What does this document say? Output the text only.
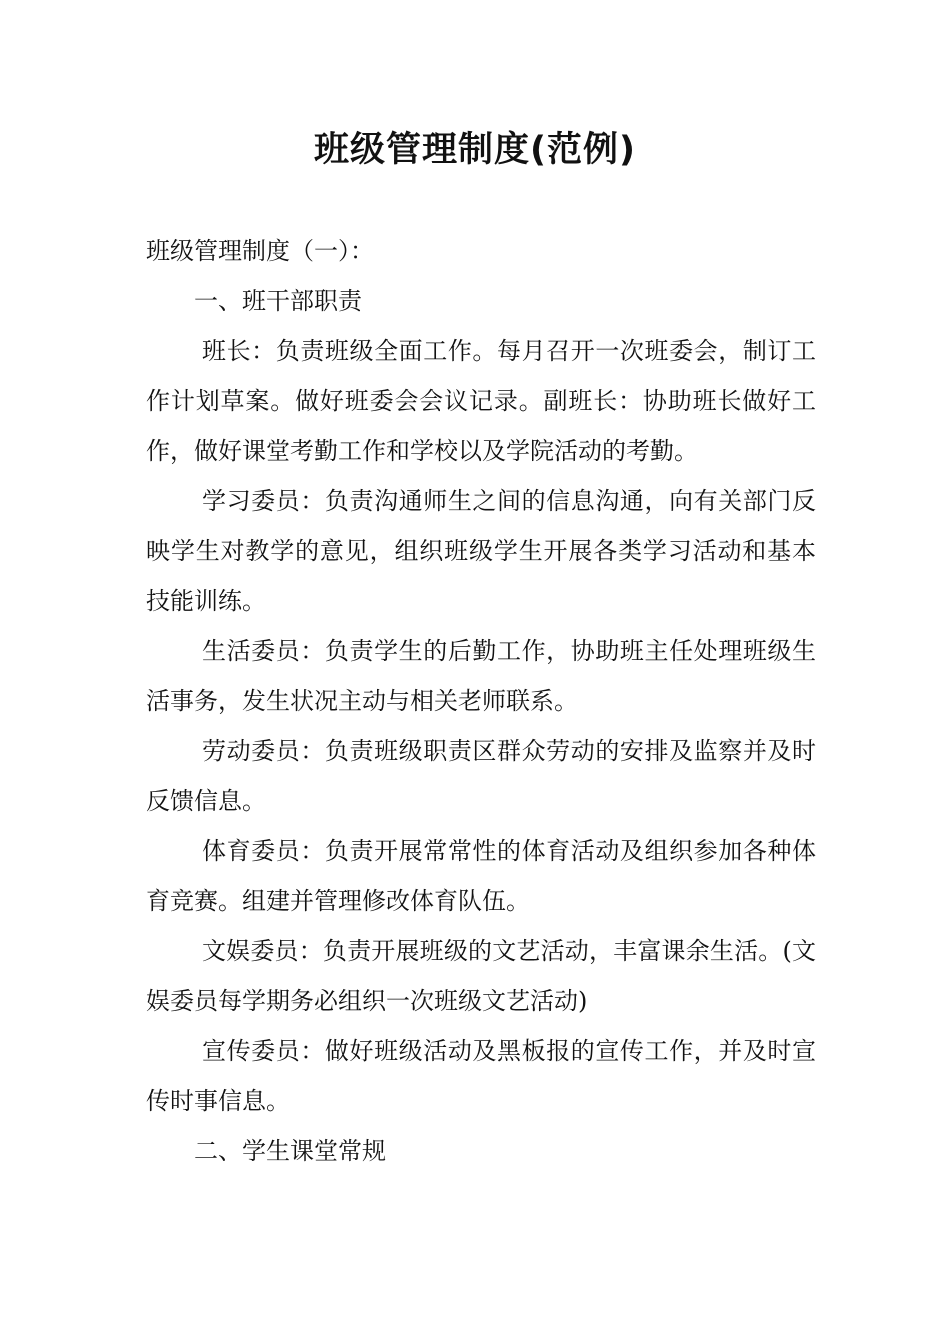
班级管理制度(范例)

班级管理制度（一）：

一、班干部职责

班长：负责班级全面工作。每月召开一次班委会，制订工作计划草案。做好班委会会议记录。副班长：协助班长做好工作，做好课堂考勤工作和学校以及学院活动的考勤。

学习委员：负责沟通师生之间的信息沟通，向有关部门反映学生对教学的意见，组织班级学生开展各类学习活动和基本技能训练。

生活委员：负责学生的后勤工作，协助班主任处理班级生活事务，发生状况主动与相关老师联系。

劳动委员：负责班级职责区群众劳动的安排及监察并及时反馈信息。

体育委员：负责开展常常性的体育活动及组织参加各种体育竞赛。组建并管理修改体育队伍。

文娱委员：负责开展班级的文艺活动，丰富课余生活。(文娱委员每学期务必组织一次班级文艺活动)

宣传委员：做好班级活动及黑板报的宣传工作，并及时宣传时事信息。

二、学生课堂常规
